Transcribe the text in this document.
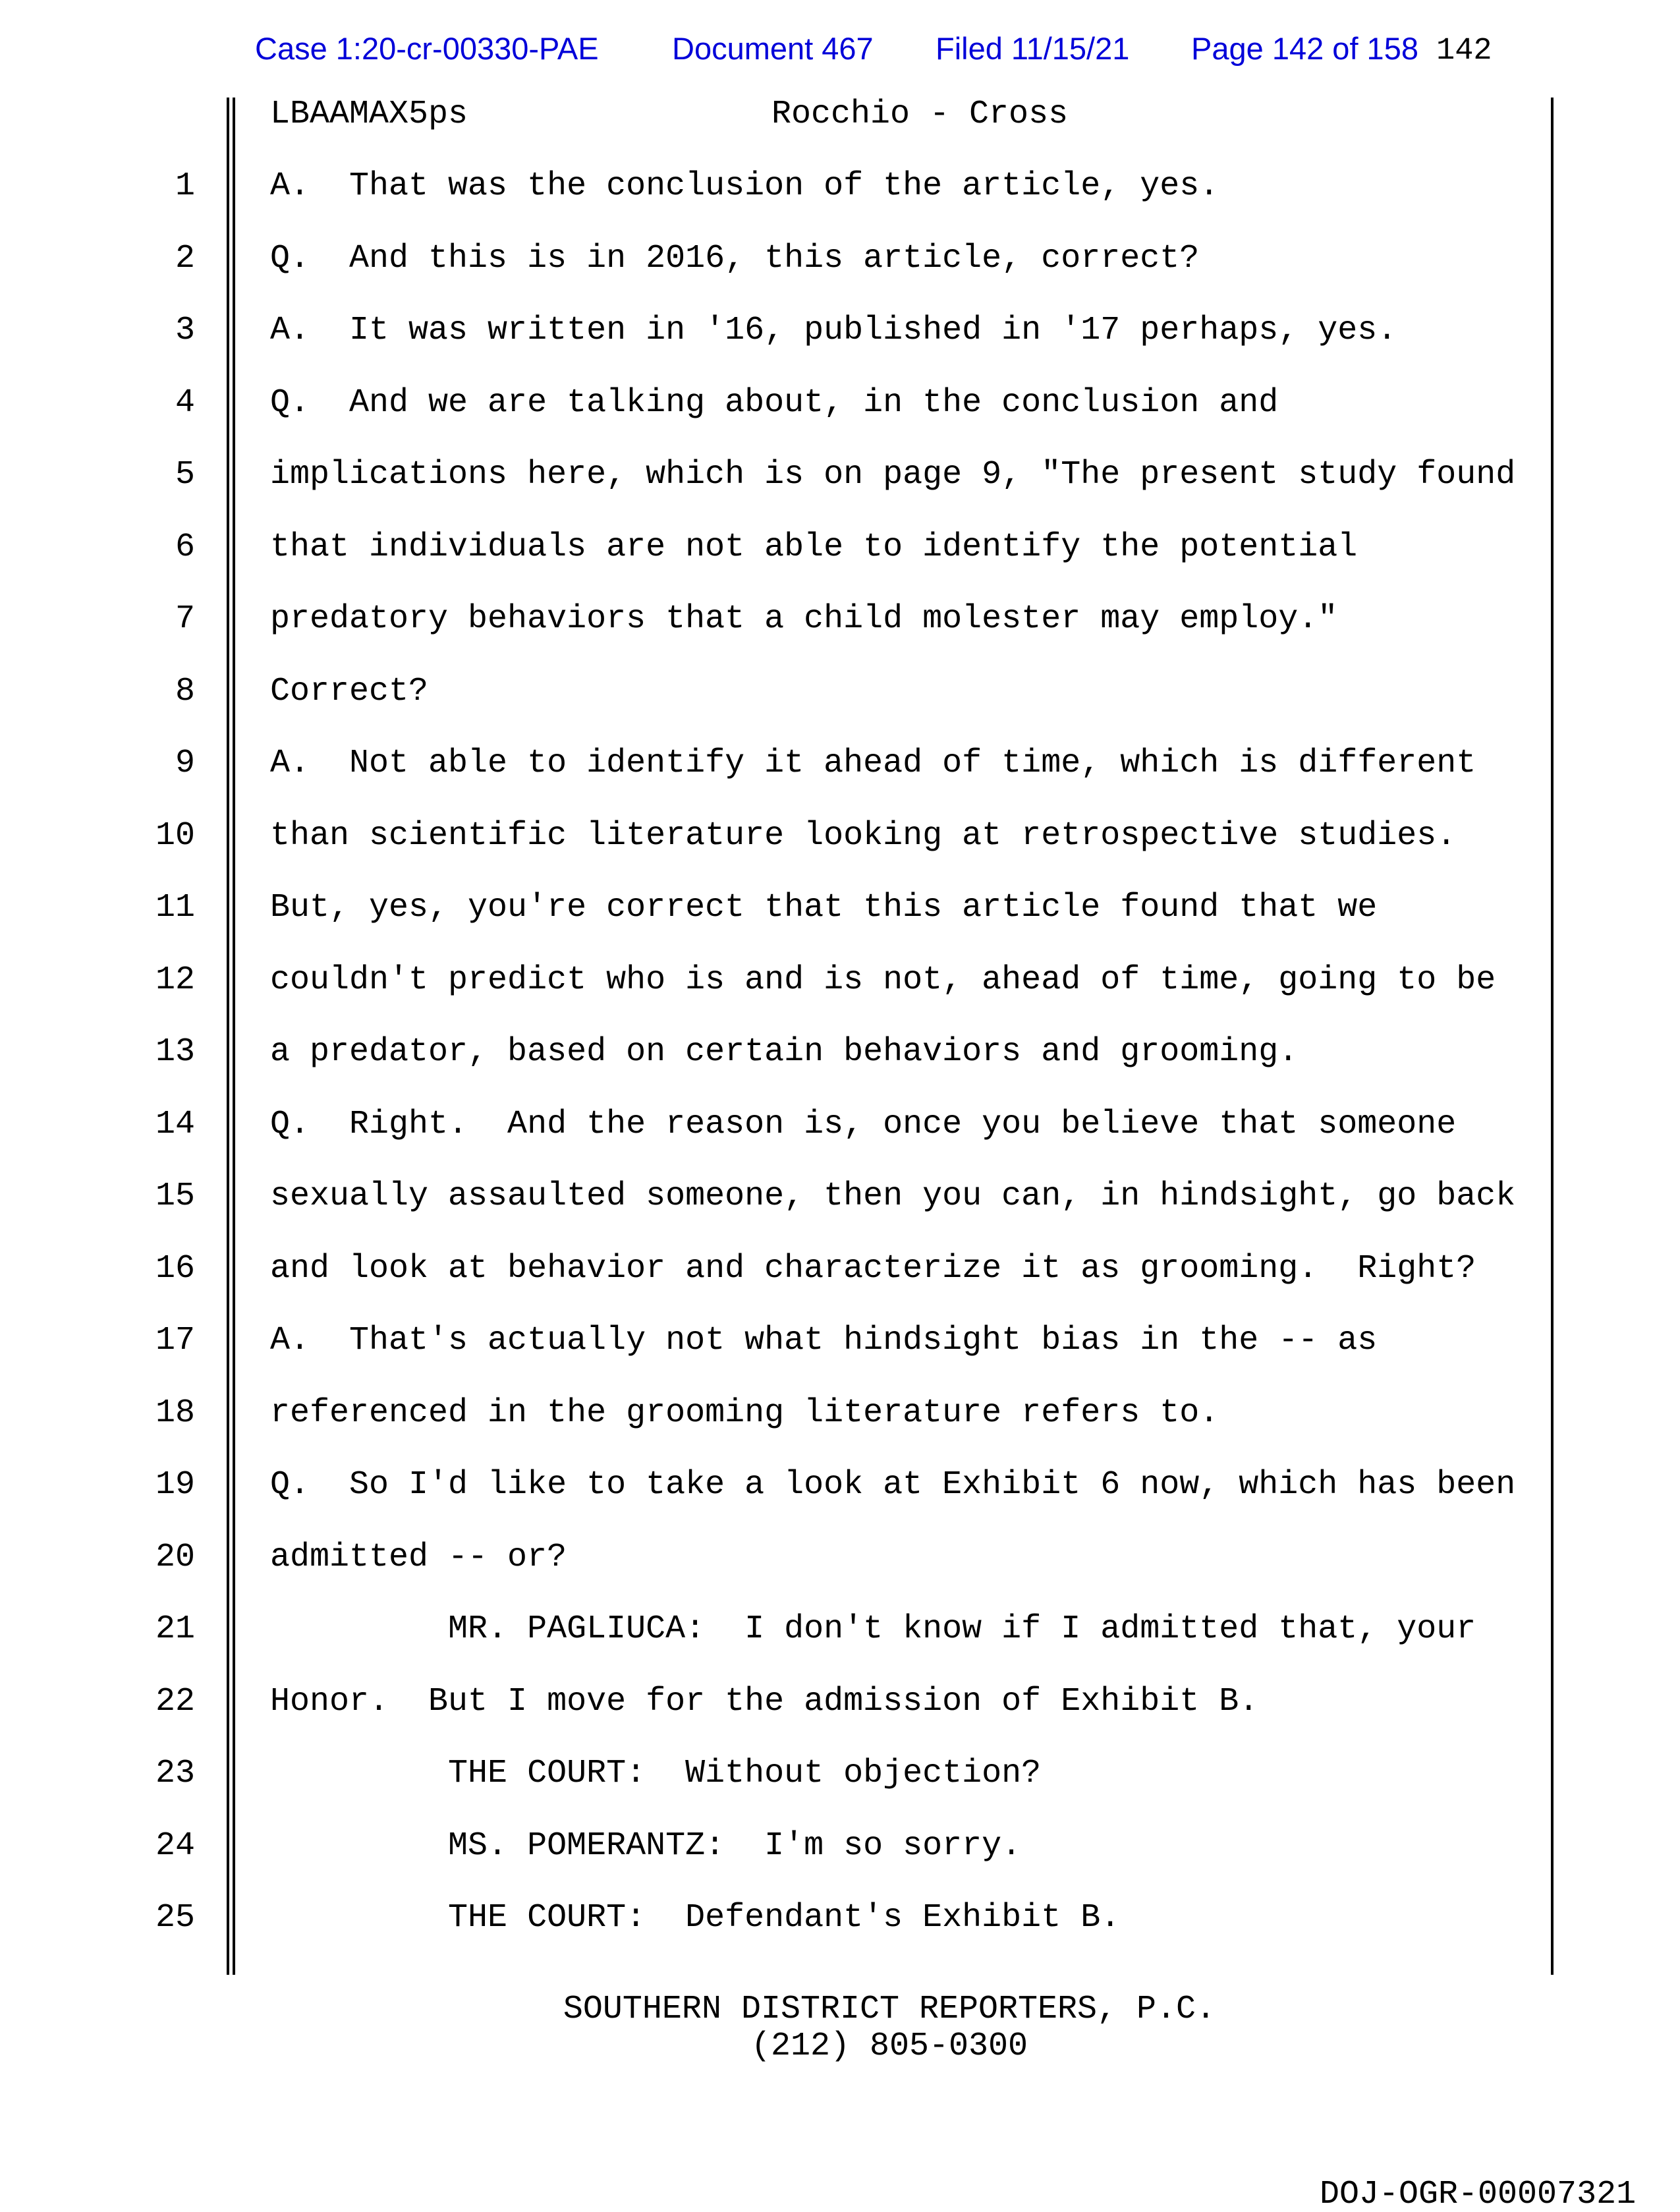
Case 1:20-cr-00330-PAE Document 467 Filed 11/15/21 Page 142 of 158 142
LBAAMAX5ps	Rocchio - Cross
1 A.  That was the conclusion of the article, yes.
2 Q.  And this is in 2016, this article, correct?
3 A.  It was written in '16, published in '17 perhaps, yes.
4 Q.  And we are talking about, in the conclusion and
5 implications here, which is on page 9, "The present study found
6 that individuals are not able to identify the potential
7 predatory behaviors that a child molester may employ."
8 Correct?
9 A.  Not able to identify it ahead of time, which is different
10 than scientific literature looking at retrospective studies.
11 But, yes, you're correct that this article found that we
12 couldn't predict who is and is not, ahead of time, going to be
13 a predator, based on certain behaviors and grooming.
14 Q.  Right.  And the reason is, once you believe that someone
15 sexually assaulted someone, then you can, in hindsight, go back
16 and look at behavior and characterize it as grooming.  Right?
17 A.  That's actually not what hindsight bias in the -- as
18 referenced in the grooming literature refers to.
19 Q.  So I'd like to take a look at Exhibit 6 now, which has been
20 admitted -- or?
21 MR. PAGLIUCA:  I don't know if I admitted that, your
22 Honor.  But I move for the admission of Exhibit B.
23 THE COURT:  Without objection?
24 MS. POMERANTZ:  I'm so sorry.
25 THE COURT:  Defendant's Exhibit B.
SOUTHERN DISTRICT REPORTERS, P.C.
(212) 805-0300
DOJ-OGR-00007321
